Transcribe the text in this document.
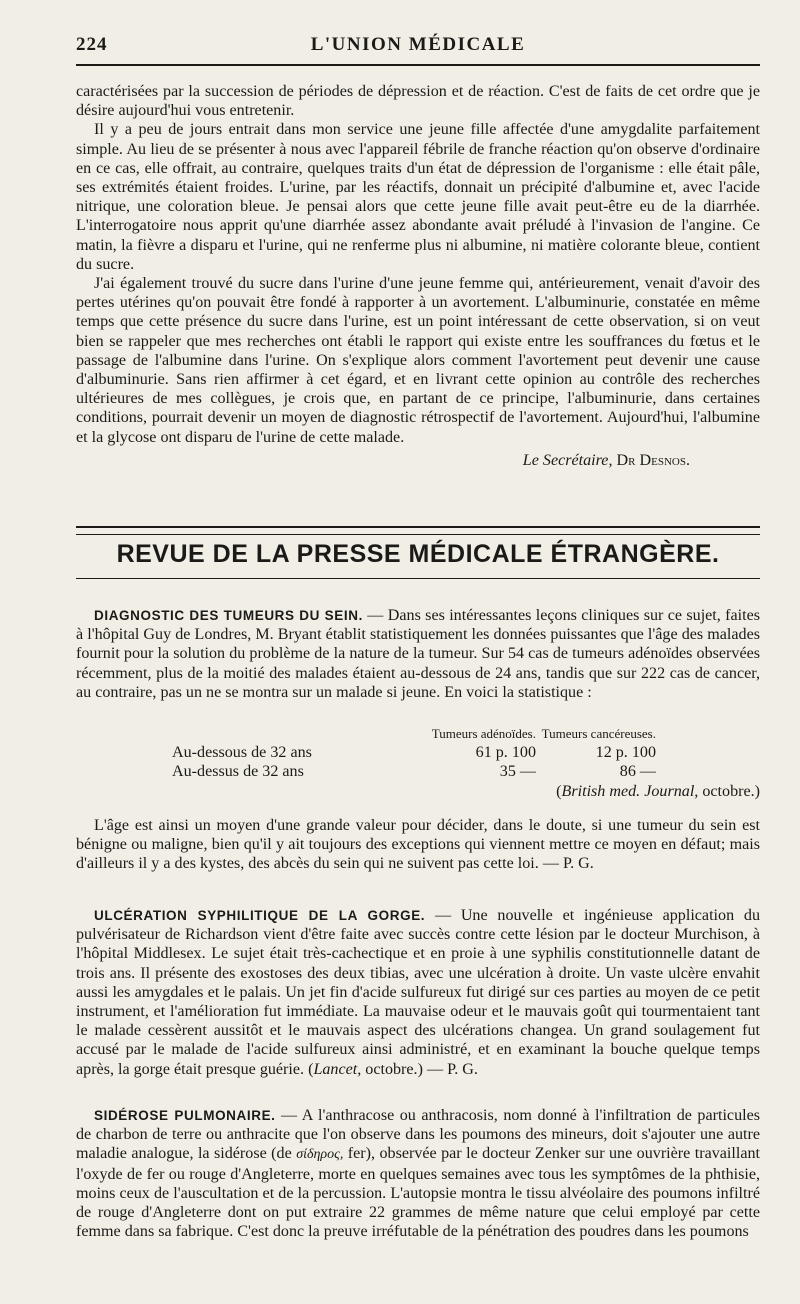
224	L'UNION MÉDICALE

caractérisées par la succession de périodes de dépression et de réaction. C'est de faits de cet ordre que je désire aujourd'hui vous entretenir.

Il y a peu de jours entrait dans mon service une jeune fille affectée d'une amygdalite parfaitement simple. Au lieu de se présenter à nous avec l'appareil fébrile de franche réaction qu'on observe d'ordinaire en ce cas, elle offrait, au contraire, quelques traits d'un état de dépression de l'organisme : elle était pâle, ses extrémités étaient froides. L'urine, par les réactifs, donnait un précipité d'albumine et, avec l'acide nitrique, une coloration bleue. Je pensai alors que cette jeune fille avait peut-être eu de la diarrhée. L'interrogatoire nous apprit qu'une diarrhée assez abondante avait préludé à l'invasion de l'angine. Ce matin, la fièvre a disparu et l'urine, qui ne renferme plus ni albumine, ni matière colorante bleue, contient du sucre.

J'ai également trouvé du sucre dans l'urine d'une jeune femme qui, antérieurement, venait d'avoir des pertes utérines qu'on pouvait être fondé à rapporter à un avortement. L'albuminurie, constatée en même temps que cette présence du sucre dans l'urine, est un point intéressant de cette observation, si on veut bien se rappeler que mes recherches ont établi le rapport qui existe entre les souffrances du fœtus et le passage de l'albumine dans l'urine. On s'explique alors comment l'avortement peut devenir une cause d'albuminurie. Sans rien affirmer à cet égard, et en livrant cette opinion au contrôle des recherches ultérieures de mes collègues, je crois que, en partant de ce principe, l'albuminurie, dans certaines conditions, pourrait devenir un moyen de diagnostic rétrospectif de l'avortement. Aujourd'hui, l'albumine et la glycose ont disparu de l'urine de cette malade.

Le Secrétaire, Dr Desnos.
REVUE DE LA PRESSE MÉDICALE ÉTRANGÈRE.

DIAGNOSTIC DES TUMEURS DU SEIN. — Dans ses intéressantes leçons cliniques sur ce sujet, faites à l'hôpital Guy de Londres, M. Bryant établit statistiquement les données puissantes que l'âge des malades fournit pour la solution du problème de la nature de la tumeur. Sur 54 cas de tumeurs adénoïdes observées récemment, plus de la moitié des malades étaient au-dessous de 24 ans, tandis que sur 222 cas de cancer, au contraire, pas un ne se montra sur un malade si jeune. En voici la statistique :

Tumeurs adénoïdes. Tumeurs cancéreuses.
Au-dessous de 32 ans	61 p. 100	12 p. 100
Au-dessus de 32 ans	35 —	86 —
(British med. Journal, octobre.)

L'âge est ainsi un moyen d'une grande valeur pour décider, dans le doute, si une tumeur du sein est bénigne ou maligne, bien qu'il y ait toujours des exceptions qui viennent mettre ce moyen en défaut; mais d'ailleurs il y a des kystes, des abcès du sein qui ne suivent pas cette loi. — P. G.

ULCÉRATION SYPHILITIQUE DE LA GORGE. — Une nouvelle et ingénieuse application du pulvérisateur de Richardson vient d'être faite avec succès contre cette lésion par le docteur Murchison, à l'hôpital Middlesex. Le sujet était très-cachectique et en proie à une syphilis constitutionnelle datant de trois ans. Il présente des exostoses des deux tibias, avec une ulcération à droite. Un vaste ulcère envahit aussi les amygdales et le palais. Un jet fin d'acide sulfureux fut dirigé sur ces parties au moyen de ce petit instrument, et l'amélioration fut immédiate. La mauvaise odeur et le mauvais goût qui tourmentaient tant le malade cessèrent aussitôt et le mauvais aspect des ulcérations changea. Un grand soulagement fut accusé par le malade de l'acide sulfureux ainsi administré, et en examinant la bouche quelque temps après, la gorge était presque guérie. (Lancet, octobre.) — P. G.

SIDÉROSE PULMONAIRE. — A l'anthracose ou anthracosis, nom donné à l'infiltration de particules de charbon de terre ou anthracite que l'on observe dans les poumons des mineurs, doit s'ajouter une autre maladie analogue, la sidérose (de σίδηρος, fer), observée par le docteur Zenker sur une ouvrière travaillant l'oxyde de fer ou rouge d'Angleterre, morte en quelques semaines avec tous les symptômes de la phthisie, moins ceux de l'auscultation et de la percussion. L'autopsie montra le tissu alvéolaire des poumons infiltré de rouge d'Angleterre dont on put extraire 22 grammes de même nature que celui employé par cette femme dans sa fabrique. C'est donc la preuve irréfutable de la pénétration des poudres dans les poumons
